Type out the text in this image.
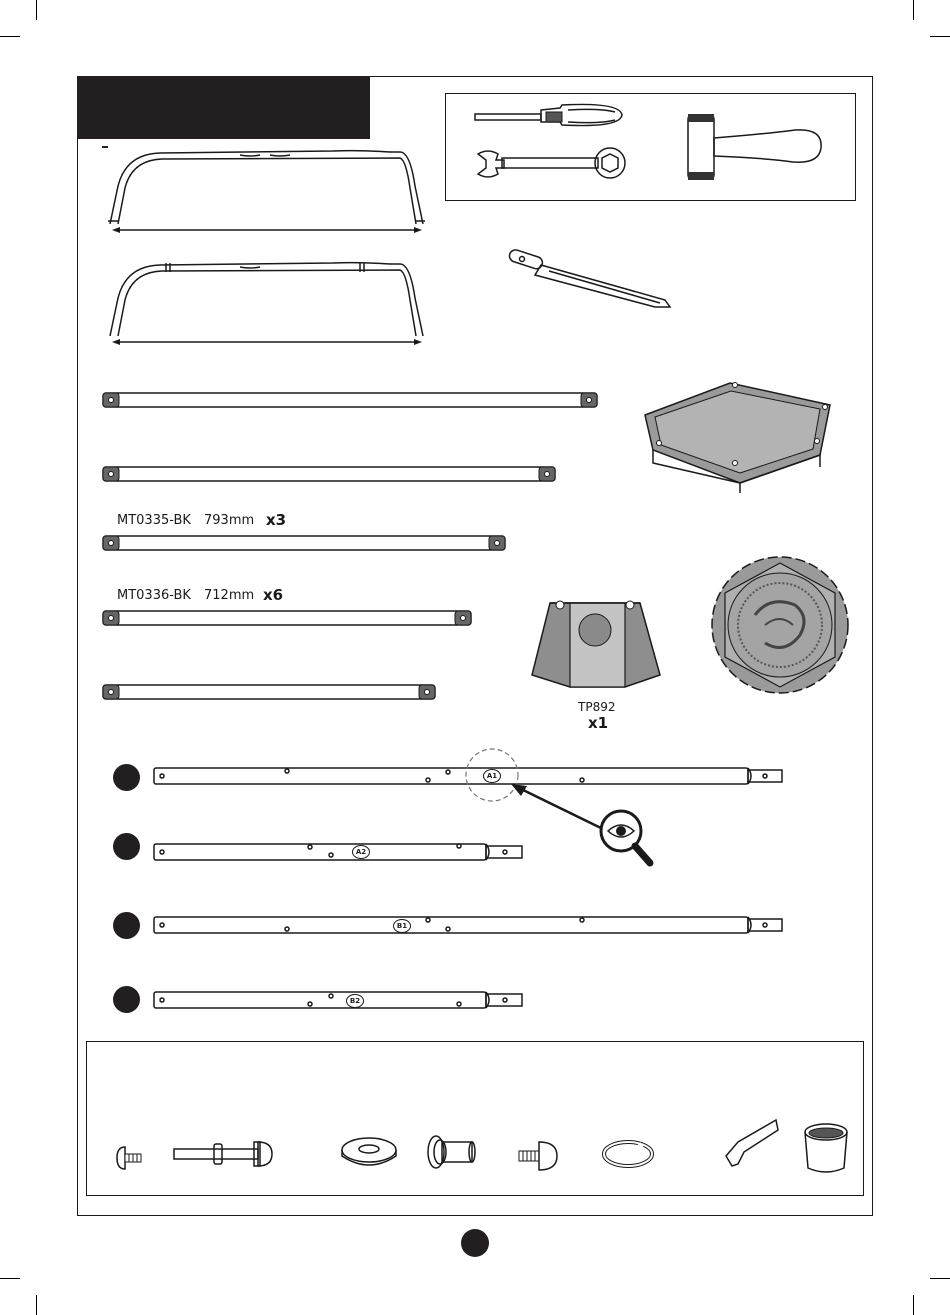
MT0335-BK 793mm x3
MT0336-BK 712mm x6
TP892
x1
A1
A2
B1
B2
